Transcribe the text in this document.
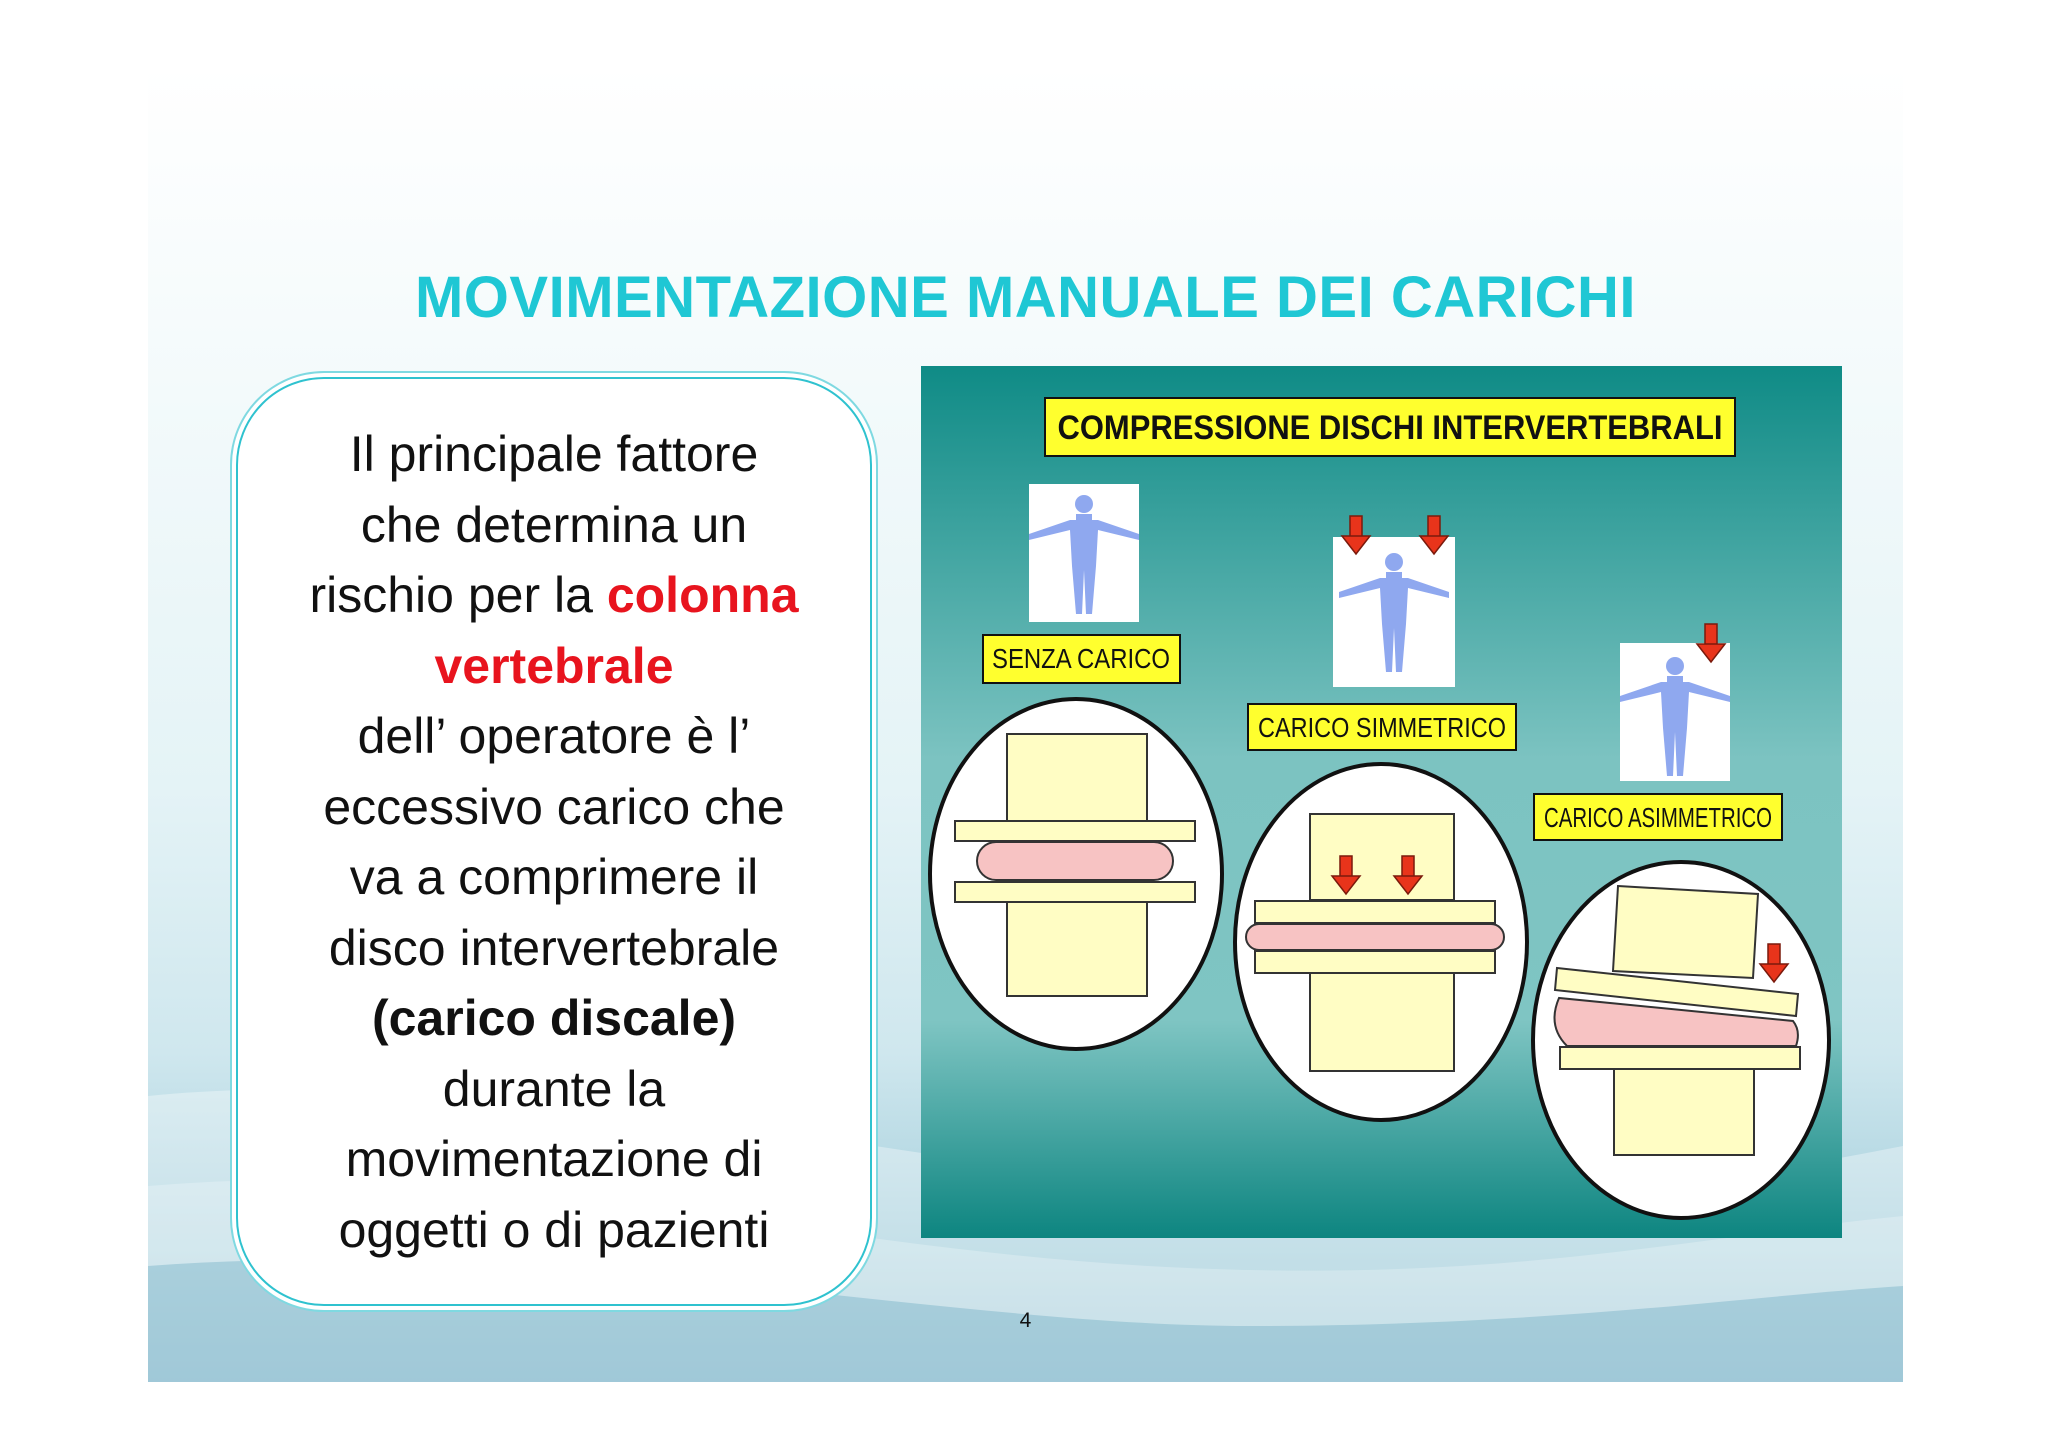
MOVIMENTAZIONE MANUALE DEI CARICHI
Il principale fattore
che determina un
rischio per la colonna
vertebrale
dell’ operatore è l’
eccessivo carico che
va a comprimere il
disco intervertebrale
(carico discale)
durante la
movimentazione di
oggetti o di pazienti
COMPRESSIONE DISCHI INTERVERTEBRALI
SENZA CARICO
CARICO SIMMETRICO
CARICO ASIMMETRICO
4
